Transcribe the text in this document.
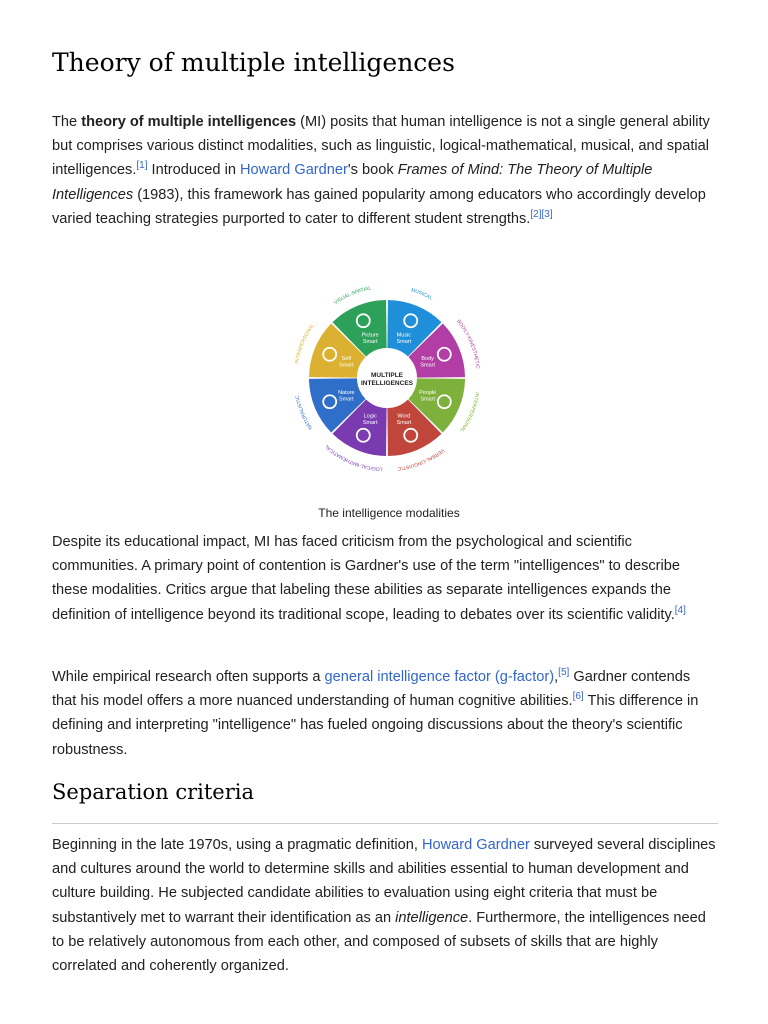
Theory of multiple intelligences

The theory of multiple intelligences (MI) posits that human intelligence is not a single general ability but comprises various distinct modalities, such as linguistic, logical-mathematical, musical, and spatial intelligences.[1] Introduced in Howard Gardner's book Frames of Mind: The Theory of Multiple Intelligences (1983), this framework has gained popularity among educators who accordingly develop varied teaching strategies purported to cater to different student strengths.[2][3]

Music
Smart
MUSICAL
Body
Smart
BODILY-KINESTHETIC
People
Smart
INTERPERSONAL
Word
Smart
VERBAL-LINGUISTIC
Logic
Smart
LOGICAL-MATHEMATICAL
Nature
Smart
NATURALISTIC
Self
Smart
INTRAPERSONAL
Picture
Smart
VISUAL-SPATIAL
MULTIPLE
INTELLIGENCES
The intelligence modalities

Despite its educational impact, MI has faced criticism from the psychological and scientific communities. A primary point of contention is Gardner's use of the term "intelligences" to describe these modalities. Critics argue that labeling these abilities as separate intelligences expands the definition of intelligence beyond its traditional scope, leading to debates over its scientific validity.[4]

While empirical research often supports a general intelligence factor (g-factor),[5] Gardner contends that his model offers a more nuanced understanding of human cognitive abilities.[6] This difference in defining and interpreting "intelligence" has fueled ongoing discussions about the theory's scientific robustness.

Separation criteria

Beginning in the late 1970s, using a pragmatic definition, Howard Gardner surveyed several disciplines and cultures around the world to determine skills and abilities essential to human development and culture building. He subjected candidate abilities to evaluation using eight criteria that must be substantively met to warrant their identification as an intelligence. Furthermore, the intelligences need to be relatively autonomous from each other, and composed of subsets of skills that are highly correlated and coherently organized.
